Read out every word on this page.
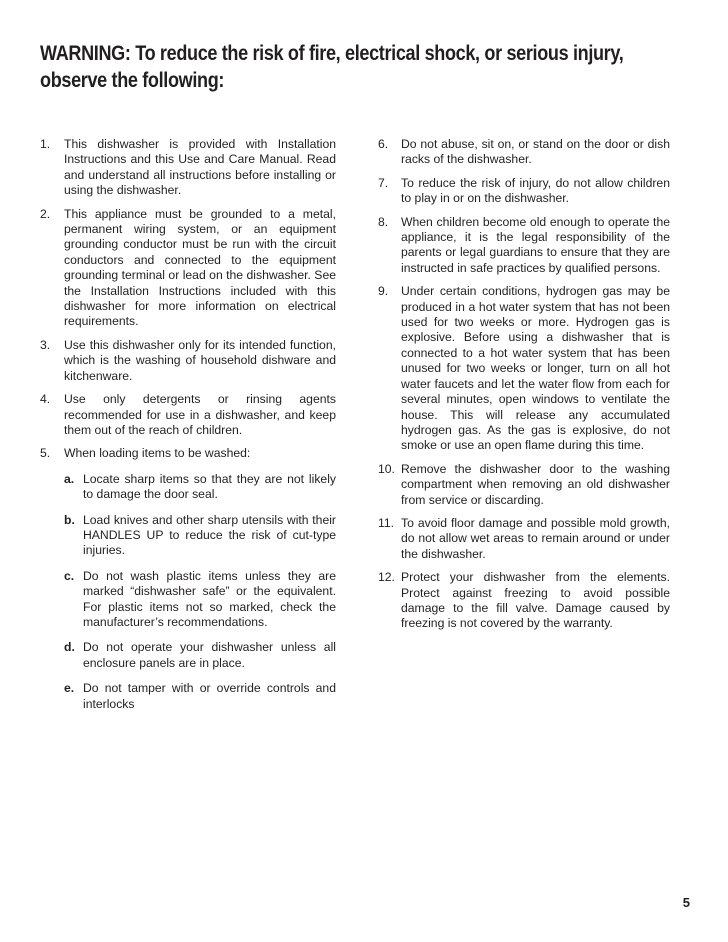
WARNING: To reduce the risk of fire, electrical shock, or serious injury, observe the following:
1. This dishwasher is provided with Installation Instructions and this Use and Care Manual. Read and understand all instructions before installing or using the dishwasher.
2. This appliance must be grounded to a metal, permanent wiring system, or an equipment grounding conductor must be run with the circuit conductors and connected to the equipment grounding terminal or lead on the dishwasher. See the Installation Instructions included with this dishwasher for more information on electrical requirements.
3. Use this dishwasher only for its intended function, which is the washing of household dishware and kitchenware.
4. Use only detergents or rinsing agents recommended for use in a dishwasher, and keep them out of the reach of children.
5. When loading items to be washed:
a. Locate sharp items so that they are not likely to damage the door seal.
b. Load knives and other sharp utensils with their HANDLES UP to reduce the risk of cut-type injuries.
c. Do not wash plastic items unless they are marked “dishwasher safe” or the equivalent. For plastic items not so marked, check the manufacturer’s recommendations.
d. Do not operate your dishwasher unless all enclosure panels are in place.
e. Do not tamper with or override controls and interlocks
6. Do not abuse, sit on, or stand on the door or dish racks of the dishwasher.
7. To reduce the risk of injury, do not allow children to play in or on the dishwasher.
8. When children become old enough to operate the appliance, it is the legal responsibility of the parents or legal guardians to ensure that they are instructed in safe practices by qualified persons.
9. Under certain conditions, hydrogen gas may be produced in a hot water system that has not been used for two weeks or more. Hydrogen gas is explosive. Before using a dishwasher that is connected to a hot water system that has been unused for two weeks or longer, turn on all hot water faucets and let the water flow from each for several minutes, open windows to ventilate the house. This will release any accumulated hydrogen gas. As the gas is explosive, do not smoke or use an open flame during this time.
10. Remove the dishwasher door to the washing compartment when removing an old dishwasher from service or discarding.
11. To avoid floor damage and possible mold growth, do not allow wet areas to remain around or under the dishwasher.
12. Protect your dishwasher from the elements. Protect against freezing to avoid possible damage to the fill valve. Damage caused by freezing is not covered by the warranty.
5
